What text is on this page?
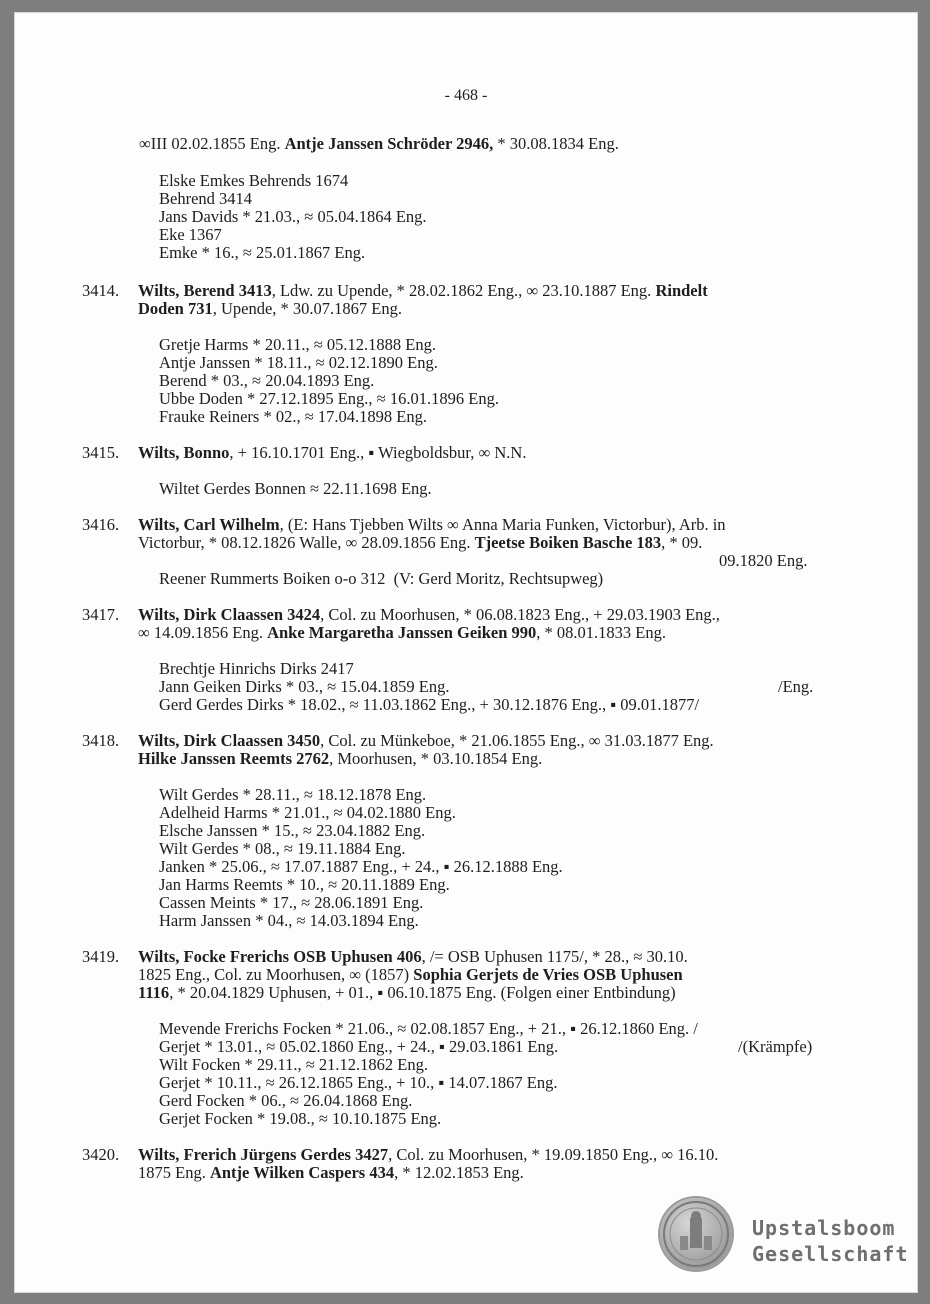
- 468 -
∞III 02.02.1855 Eng. Antje Janssen Schröder 2946, * 30.08.1834 Eng.
Elske Emkes Behrends 1674
Behrend 3414
Jans Davids * 21.03., ≈ 05.04.1864 Eng.
Eke 1367
Emke * 16., ≈ 25.01.1867 Eng.
3414. Wilts, Berend 3413, Ldw. zu Upende, * 28.02.1862 Eng., ∞ 23.10.1887 Eng. Rindelt
Doden 731, Upende, * 30.07.1867 Eng.
Gretje Harms * 20.11., ≈ 05.12.1888 Eng.
Antje Janssen * 18.11., ≈ 02.12.1890 Eng.
Berend * 03., ≈ 20.04.1893 Eng.
Ubbe Doden * 27.12.1895 Eng., ≈ 16.01.1896 Eng.
Frauke Reiners * 02., ≈ 17.04.1898 Eng.
3415. Wilts, Bonno, + 16.10.1701 Eng., ▪ Wiegboldsbur, ∞ N.N.
Wiltet Gerdes Bonnen ≈ 22.11.1698 Eng.
3416. Wilts, Carl Wilhelm, (E: Hans Tjebben Wilts ∞ Anna Maria Funken, Victorbur), Arb. in
Victorbur, * 08.12.1826 Walle, ∞ 28.09.1856 Eng. Tjeetse Boiken Basche 183, * 09.
09.1820 Eng.
Reener Rummerts Boiken o-o 312  (V: Gerd Moritz, Rechtsupweg)
3417. Wilts, Dirk Claassen 3424, Col. zu Moorhusen, * 06.08.1823 Eng., + 29.03.1903 Eng.,
∞ 14.09.1856 Eng. Anke Margaretha Janssen Geiken 990, * 08.01.1833 Eng.
Brechtje Hinrichs Dirks 2417
Jann Geiken Dirks * 03., ≈ 15.04.1859 Eng.	/Eng.
Gerd Gerdes Dirks * 18.02., ≈ 11.03.1862 Eng., + 30.12.1876 Eng., ▪ 09.01.1877/
3418. Wilts, Dirk Claassen 3450, Col. zu Münkeboe, * 21.06.1855 Eng., ∞ 31.03.1877 Eng.
Hilke Janssen Reemts 2762, Moorhusen, * 03.10.1854 Eng.
Wilt Gerdes * 28.11., ≈ 18.12.1878 Eng.
Adelheid Harms * 21.01., ≈ 04.02.1880 Eng.
Elsche Janssen * 15., ≈ 23.04.1882 Eng.
Wilt Gerdes * 08., ≈ 19.11.1884 Eng.
Janken * 25.06., ≈ 17.07.1887 Eng., + 24., ▪ 26.12.1888 Eng.
Jan Harms Reemts * 10., ≈ 20.11.1889 Eng.
Cassen Meints * 17., ≈ 28.06.1891 Eng.
Harm Janssen * 04., ≈ 14.03.1894 Eng.
3419. Wilts, Focke Frerichs OSB Uphusen 406, /= OSB Uphusen 1175/, * 28., ≈ 30.10.
1825 Eng., Col. zu Moorhusen, ∞ (1857) Sophia Gerjets de Vries OSB Uphusen
1116, * 20.04.1829 Uphusen, + 01., ▪ 06.10.1875 Eng. (Folgen einer Entbindung)
Mevende Frerichs Focken * 21.06., ≈ 02.08.1857 Eng., + 21., ▪ 26.12.1860 Eng. /
Gerjet * 13.01., ≈ 05.02.1860 Eng., + 24., ▪ 29.03.1861 Eng.	/(Krämpfe)
Wilt Focken * 29.11., ≈ 21.12.1862 Eng.
Gerjet * 10.11., ≈ 26.12.1865 Eng., + 10., ▪ 14.07.1867 Eng.
Gerd Focken * 06., ≈ 26.04.1868 Eng.
Gerjet Focken * 19.08., ≈ 10.10.1875 Eng.
3420. Wilts, Frerich Jürgens Gerdes 3427, Col. zu Moorhusen, * 19.09.1850 Eng., ∞ 16.10.
1875 Eng. Antje Wilken Caspers 434, * 12.02.1853 Eng.
Upstalsboom
Gesellschaft
